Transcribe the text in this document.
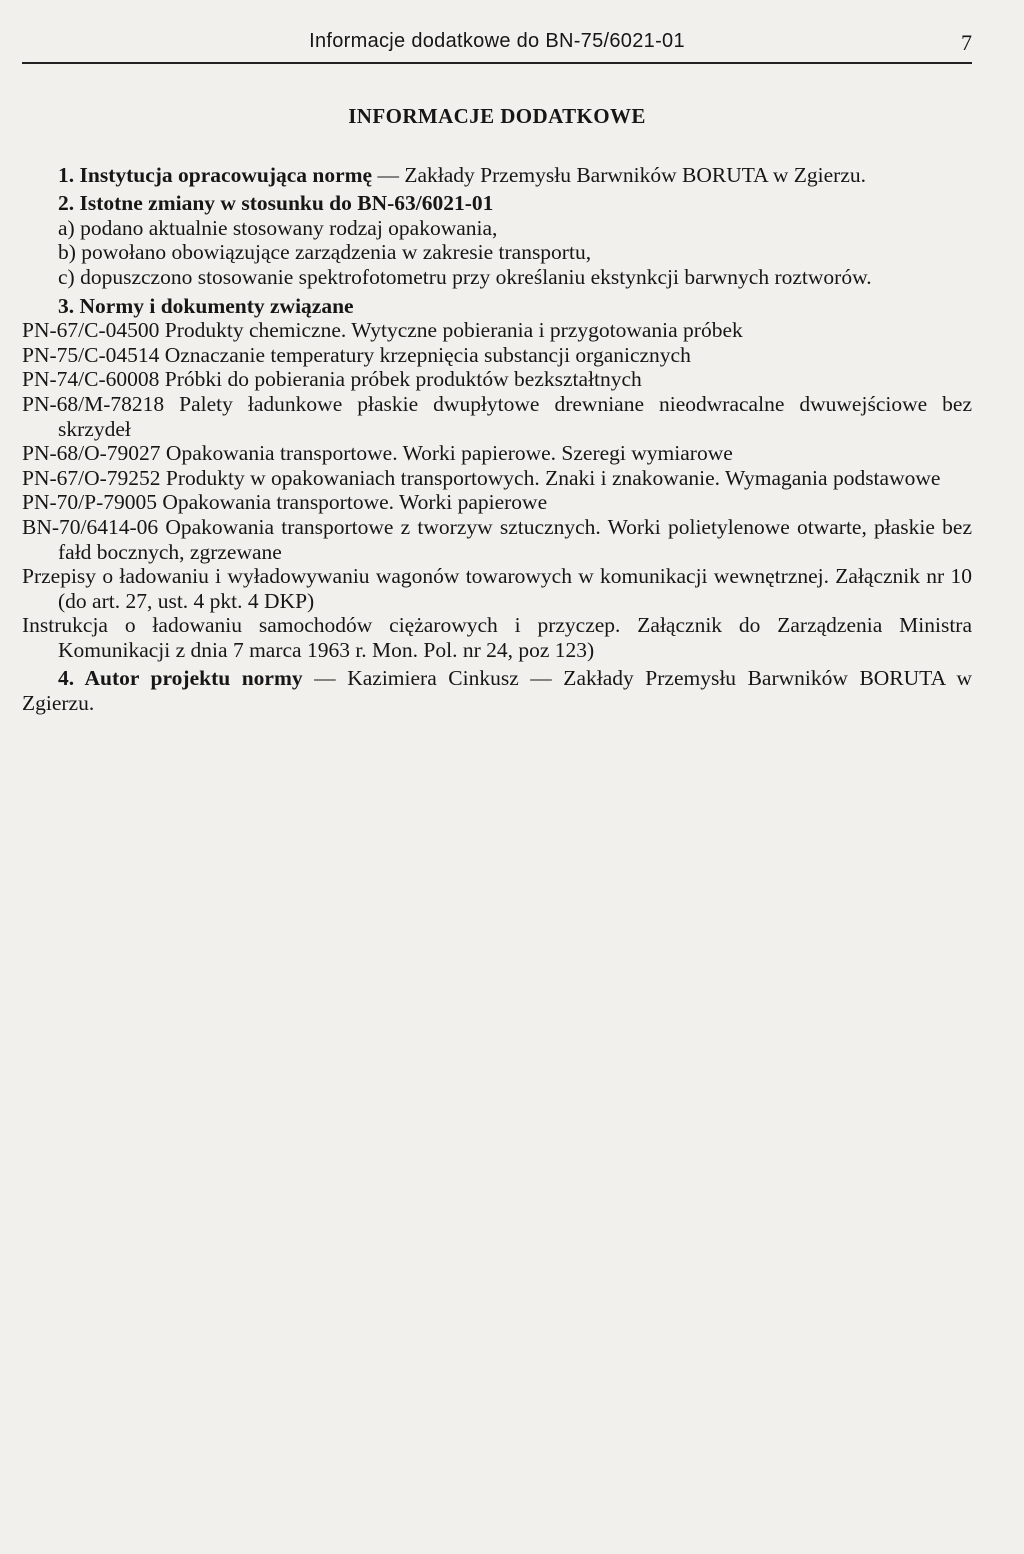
Informacje dodatkowe do BN-75/6021-01	7
INFORMACJE DODATKOWE

1. Instytucja opracowująca normę — Zakłady Przemysłu Barwników BORUTA w Zgierzu.

2. Istotne zmiany w stosunku do BN-63/6021-01

a) podano aktualnie stosowany rodzaj opakowania,

b) powołano obowiązujące zarządzenia w zakresie transportu,

c) dopuszczono stosowanie spektrofotometru przy określaniu ekstynkcji barwnych roztworów.

3. Normy i dokumenty związane

PN-67/C-04500 Produkty chemiczne. Wytyczne pobierania i przygotowania próbek

PN-75/C-04514 Oznaczanie temperatury krzepnięcia substancji organicznych

PN-74/C-60008 Próbki do pobierania próbek produktów bezkształtnych

PN-68/M-78218 Palety ładunkowe płaskie dwupłytowe drewniane nieodwracalne dwuwejściowe bez skrzydeł

PN-68/O-79027 Opakowania transportowe. Worki papierowe. Szeregi wymiarowe

PN-67/O-79252 Produkty w opakowaniach transportowych. Znaki i znakowanie. Wymagania podstawowe

PN-70/P-79005 Opakowania transportowe. Worki papierowe

BN-70/6414-06 Opakowania transportowe z tworzyw sztucznych. Worki polietylenowe otwarte, płaskie bez fałd bocznych, zgrzewane

Przepisy o ładowaniu i wyładowywaniu wagonów towarowych w komunikacji wewnętrznej. Załącznik nr 10 (do art. 27, ust. 4 pkt. 4 DKP)

Instrukcja o ładowaniu samochodów ciężarowych i przyczep. Załącznik do Zarządzenia Ministra Komunikacji z dnia 7 marca 1963 r. Mon. Pol. nr 24, poz 123)

4. Autor projektu normy — Kazimiera Cinkusz — Zakłady Przemysłu Barwników BORUTA w Zgierzu.
